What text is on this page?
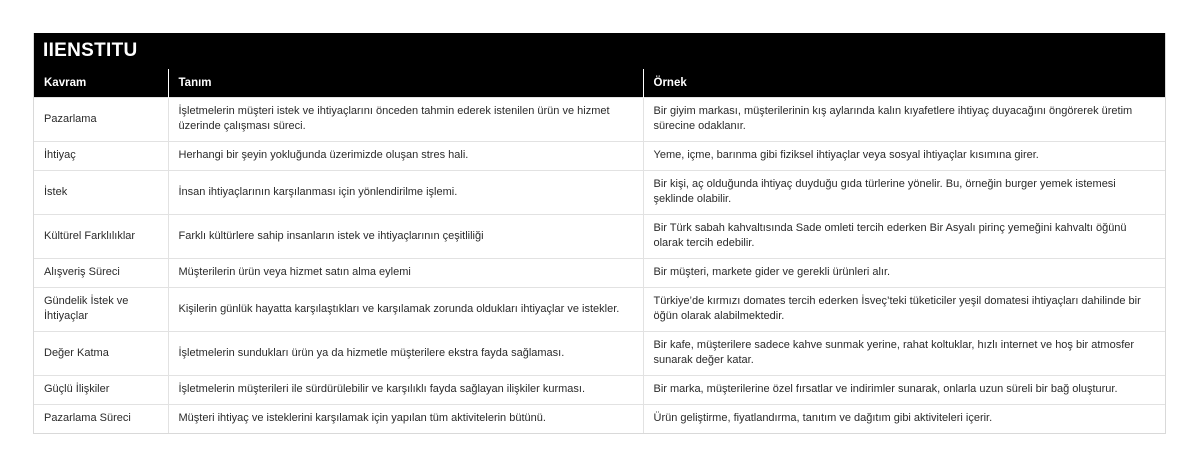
IIENSTITU
Kavram	Tanım	Örnek
Pazarlama	İşletmelerin müşteri istek ve ihtiyaçlarını önceden tahmin ederek istenilen ürün ve hizmet üzerinde çalışması süreci.	Bir giyim markası, müşterilerinin kış aylarında kalın kıyafetlere ihtiyaç duyacağını öngörerek üretim sürecine odaklanır.
İhtiyaç	Herhangi bir şeyin yokluğunda üzerimizde oluşan stres hali.	Yeme, içme, barınma gibi fiziksel ihtiyaçlar veya sosyal ihtiyaçlar kısımına girer.
İstek	İnsan ihtiyaçlarının karşılanması için yönlendirilme işlemi.	Bir kişi, aç olduğunda ihtiyaç duyduğu gıda türlerine yönelir. Bu, örneğin burger yemek istemesi şeklinde olabilir.
Kültürel Farklılıklar	Farklı kültürlere sahip insanların istek ve ihtiyaçlarının çeşitliliği	Bir Türk sabah kahvaltısında Sade omleti tercih ederken Bir Asyalı pirinç yemeğini kahvaltı öğünü olarak tercih edebilir.
Alışveriş Süreci	Müşterilerin ürün veya hizmet satın alma eylemi	Bir müşteri, markete gider ve gerekli ürünleri alır.
Gündelik İstek ve İhtiyaçlar	Kişilerin günlük hayatta karşılaştıkları ve karşılamak zorunda oldukları ihtiyaçlar ve istekler.	Türkiye’de kırmızı domates tercih ederken İsveç’teki tüketiciler yeşil domatesi ihtiyaçları dahilinde bir öğün olarak alabilmektedir.
Değer Katma	İşletmelerin sundukları ürün ya da hizmetle müşterilere ekstra fayda sağlaması.	Bir kafe, müşterilere sadece kahve sunmak yerine, rahat koltuklar, hızlı internet ve hoş bir atmosfer sunarak değer katar.
Güçlü İlişkiler	İşletmelerin müşterileri ile sürdürülebilir ve karşılıklı fayda sağlayan ilişkiler kurması.	Bir marka, müşterilerine özel fırsatlar ve indirimler sunarak, onlarla uzun süreli bir bağ oluşturur.
Pazarlama Süreci	Müşteri ihtiyaç ve isteklerini karşılamak için yapılan tüm aktivitelerin bütünü.	Ürün geliştirme, fiyatlandırma, tanıtım ve dağıtım gibi aktiviteleri içerir.
